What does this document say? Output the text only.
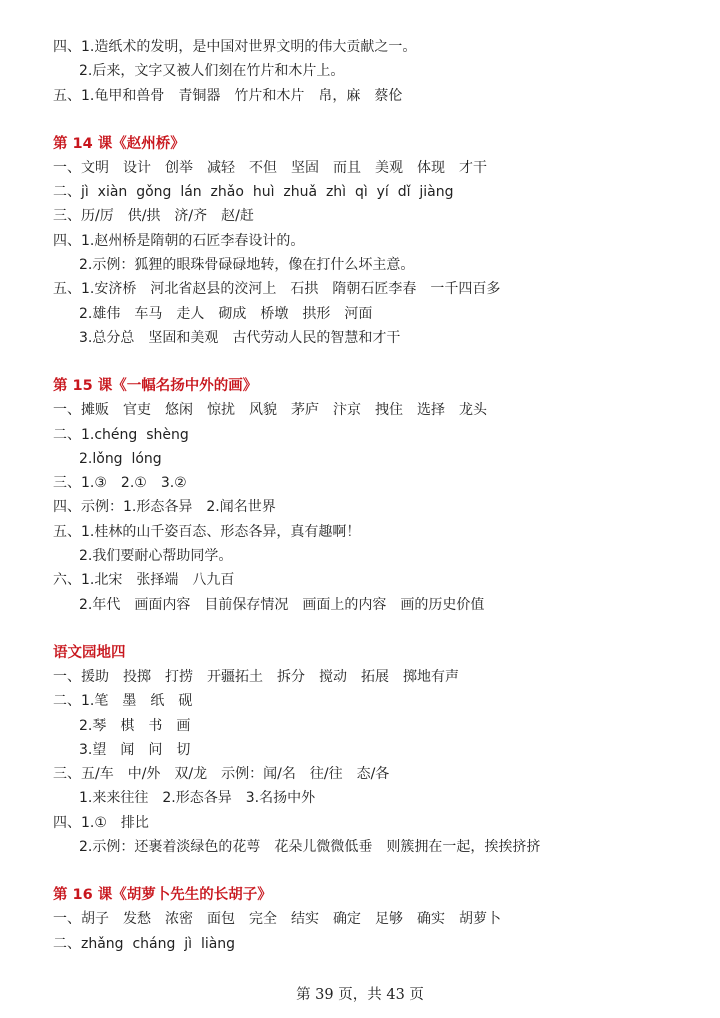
四、1.造纸术的发明，是中国对世界文明的伟大贡献之一。
2.后来，文字又被人们刻在竹片和木片上。
五、1.龟甲和兽骨　青铜器　竹片和木片　帛，麻　蔡伦
第 14 课《赵州桥》
一、文明　设计　创举　减轻　不但　坚固　而且　美观　体现　才干
二、jì  xiàn  gǒng  lán  zhǎo  huì  zhuǎ  zhì  qì  yí  dǐ  jiàng
三、历/厉　供/拱　济/齐　赵/赶
四、1.赵州桥是隋朝的石匠李春设计的。
2.示例：狐狸的眼珠骨碌碌地转，像在打什么坏主意。
五、1.安济桥　河北省赵县的洨河上　石拱　隋朝石匠李春　一千四百多
2.雄伟　车马　走人　砌成　桥墩　拱形　河面
3.总分总　坚固和美观　古代劳动人民的智慧和才干
第 15 课《一幅名扬中外的画》
一、摊贩　官吏　悠闲　惊扰　风貌　茅庐　汴京　拽住　选择　龙头
二、1.chéng  shèng
2.lǒng  lóng
三、1.③　2.①　3.②
四、示例：1.形态各异　2.闻名世界
五、1.桂林的山千姿百态、形态各异，真有趣啊！
2.我们要耐心帮助同学。
六、1.北宋　张择端　八九百
2.年代　画面内容　目前保存情况　画面上的内容　画的历史价值
语文园地四
一、援助　投掷　打捞　开疆拓土　拆分　搅动　拓展　掷地有声
二、1.笔　墨　纸　砚
2.琴　棋　书　画
3.望　闻　问　切
三、五/车　中/外　双/龙　示例：闻/名　往/往　态/各
1.来来往往　2.形态各异　3.名扬中外
四、1.①　排比
2.示例：还裹着淡绿色的花萼　花朵儿微微低垂　则簇拥在一起，挨挨挤挤
第 16 课《胡萝卜先生的长胡子》
一、胡子　发愁　浓密　面包　完全　结实　确定　足够　确实　胡萝卜
二、zhǎng  cháng  jì  liàng
第 39 页，共 43 页
